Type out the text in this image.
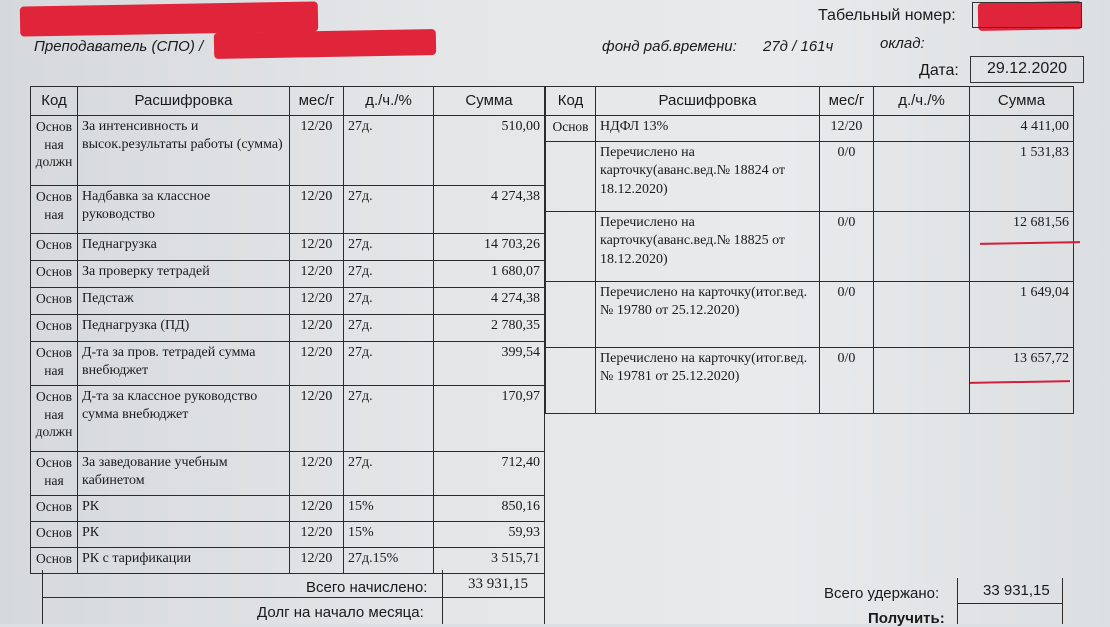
Преподаватель (СПО) /
Табельный номер:
фонд раб.времени: 27д / 161ч	оклад:
Дата:	29.12.2020
Код	Расшифровка	мес/г	д./ч./%	Сумма
Основ ная должн	За интенсивность и высок.результаты работы (сумма)	12/20	27д.	510,00
Основ ная	Надбавка за классное руководство	12/20	27д.	4 274,38
Основ	Педнагрузка	12/20	27д.	14 703,26
Основ	За проверку тетрадей	12/20	27д.	1 680,07
Основ	Педстаж	12/20	27д.	4 274,38
Основ	Педнагрузка (ПД)	12/20	27д.	2 780,35
Основ ная	Д-та за пров. тетрадей сумма внебюджет	12/20	27д.	399,54
Основ ная должн	Д-та за классное руководство сумма внебюджет	12/20	27д.	170,97
Основ ная	За заведование учебным кабинетом	12/20	27д.	712,40
Основ	РК	12/20	15%	850,16
Основ	РК	12/20	15%	59,93
Основ	РК с тарификации	12/20	27д.15%	3 515,71
Код	Расшифровка	мес/г	д./ч./%	Сумма
Основ	НДФЛ 13%	12/20		4 411,00
	Перечислено на карточку(аванс.вед.№ 18824 от 18.12.2020)	0/0		1 531,83
	Перечислено на карточку(аванс.вед.№ 18825 от 18.12.2020)	0/0		12 681,56
	Перечислено на карточку(итог.вед.№ 19780 от 25.12.2020)	0/0		1 649,04
	Перечислено на карточку(итог.вед.№ 19781 от 25.12.2020)	0/0		13 657,72
Всего начислено:	33 931,15
Долг на начало месяца:
Всего удержано:	33 931,15
Получить:
